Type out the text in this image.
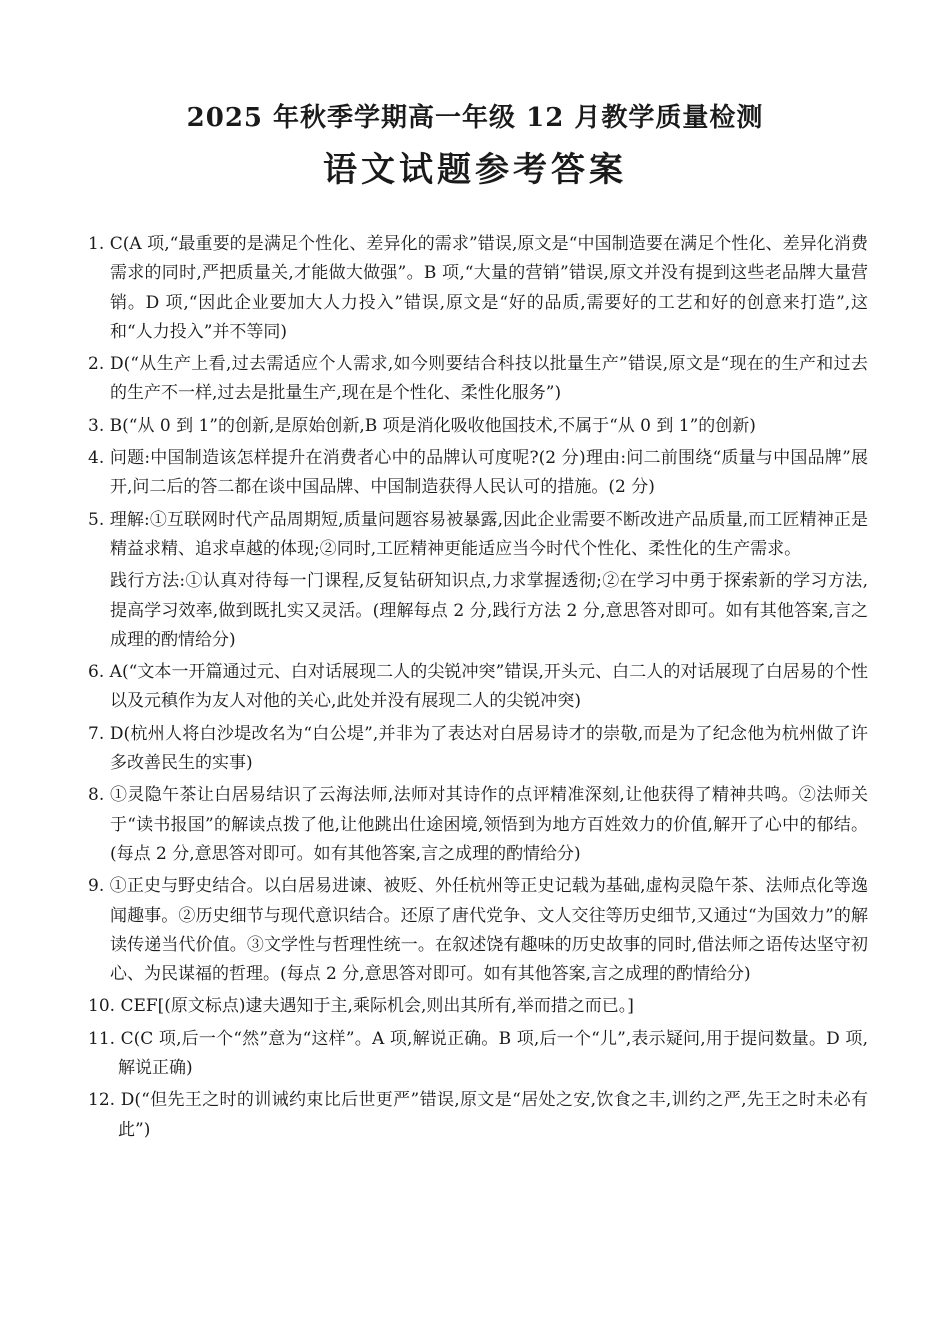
2025 年秋季学期高一年级 12 月教学质量检测
语文试题参考答案

1. C(A 项,“最重要的是满足个性化、差异化的需求”错误,原文是“中国制造要在满足个性化、差异化消费需求的同时,严把质量关,才能做大做强”。B 项,“大量的营销”错误,原文并没有提到这些老品牌大量营销。D 项,“因此企业要加大人力投入”错误,原文是“好的品质,需要好的工艺和好的创意来打造”,这和“人力投入”并不等同)

2. D(“从生产上看,过去需适应个人需求,如今则要结合科技以批量生产”错误,原文是“现在的生产和过去的生产不一样,过去是批量生产,现在是个性化、柔性化服务”)

3. B(“从 0 到 1”的创新,是原始创新,B 项是消化吸收他国技术,不属于“从 0 到 1”的创新)

4. 问题:中国制造该怎样提升在消费者心中的品牌认可度呢?(2 分)理由:问二前围绕“质量与中国品牌”展开,问二后的答二都在谈中国品牌、中国制造获得人民认可的措施。(2 分)

5. 理解:①互联网时代产品周期短,质量问题容易被暴露,因此企业需要不断改进产品质量,而工匠精神正是精益求精、追求卓越的体现;②同时,工匠精神更能适应当今时代个性化、柔性化的生产需求。

践行方法:①认真对待每一门课程,反复钻研知识点,力求掌握透彻;②在学习中勇于探索新的学习方法,提高学习效率,做到既扎实又灵活。(理解每点 2 分,践行方法 2 分,意思答对即可。如有其他答案,言之成理的酌情给分)

6. A(“文本一开篇通过元、白对话展现二人的尖锐冲突”错误,开头元、白二人的对话展现了白居易的个性以及元稹作为友人对他的关心,此处并没有展现二人的尖锐冲突)

7. D(杭州人将白沙堤改名为“白公堤”,并非为了表达对白居易诗才的崇敬,而是为了纪念他为杭州做了许多改善民生的实事)

8. ①灵隐午茶让白居易结识了云海法师,法师对其诗作的点评精准深刻,让他获得了精神共鸣。②法师关于“读书报国”的解读点拨了他,让他跳出仕途困境,领悟到为地方百姓效力的价值,解开了心中的郁结。(每点 2 分,意思答对即可。如有其他答案,言之成理的酌情给分)

9. ①正史与野史结合。以白居易进谏、被贬、外任杭州等正史记载为基础,虚构灵隐午茶、法师点化等逸闻趣事。②历史细节与现代意识结合。还原了唐代党争、文人交往等历史细节,又通过“为国效力”的解读传递当代价值。③文学性与哲理性统一。在叙述饶有趣味的历史故事的同时,借法师之语传达坚守初心、为民谋福的哲理。(每点 2 分,意思答对即可。如有其他答案,言之成理的酌情给分)

10. CEF[(原文标点)逮夫遇知于主,乘际机会,则出其所有,举而措之而已。]

11. C(C 项,后一个“然”意为“这样”。A 项,解说正确。B 项,后一个“儿”,表示疑问,用于提问数量。D 项,解说正确)

12. D(“但先王之时的训诫约束比后世更严”错误,原文是“居处之安,饮食之丰,训约之严,先王之时未必有此”)
